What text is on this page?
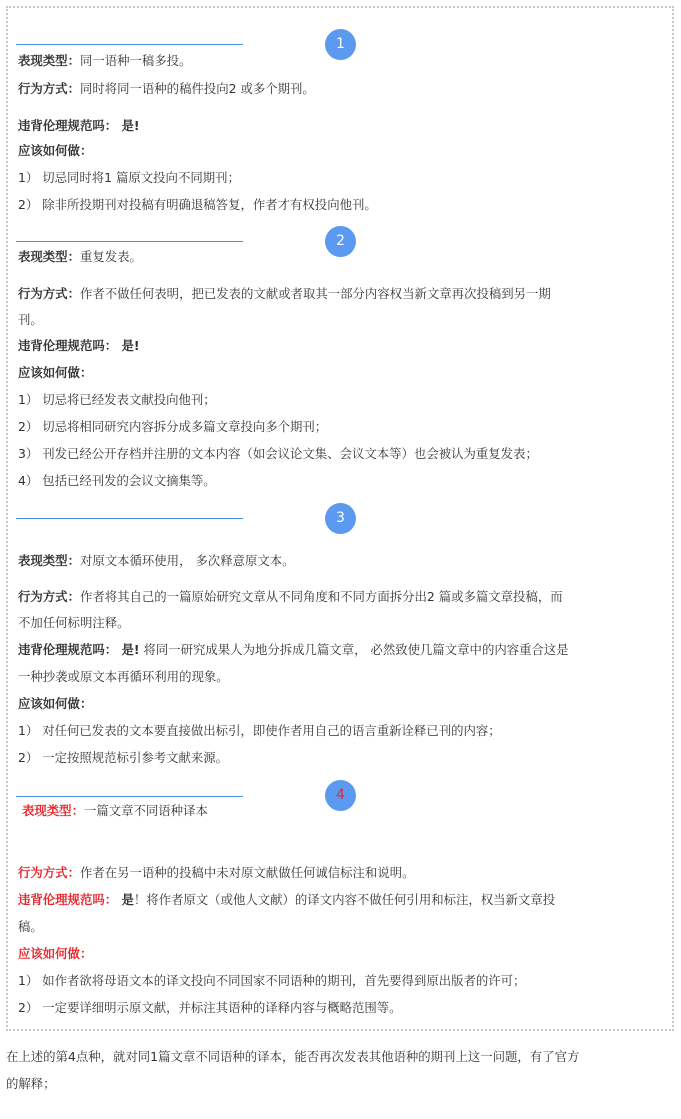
1
表现类型：同一语种一稿多投。
行为方式：同时将同一语种的稿件投向2 或多个期刊。
违背伦理规范吗： 是!
应该如何做：
1） 切忌同时将1 篇原文投向不同期刊；
2） 除非所投期刊对投稿有明确退稿答复，作者才有权投向他刊。
2
表现类型：重复发表。
行为方式：作者不做任何表明，把已发表的文献或者取其一部分内容权当新文章再次投稿到另一期
刊。
违背伦理规范吗： 是!
应该如何做：
1） 切忌将已经发表文献投向他刊；
2） 切忌将相同研究内容拆分成多篇文章投向多个期刊；
3） 刊发已经公开存档并注册的文本内容（如会议论文集、会议文本等）也会被认为重复发表；
4） 包括已经刊发的会议文摘集等。
3
表现类型：对原文本循环使用， 多次释意原文本。
行为方式：作者将其自己的一篇原始研究文章从不同角度和不同方面拆分出2 篇或多篇文章投稿，而
不加任何标明注释。
违背伦理规范吗： 是! 将同一研究成果人为地分拆成几篇文章， 必然致使几篇文章中的内容重合这是
一种抄袭或原文本再循环利用的现象。
应该如何做：
1） 对任何已发表的文本要直接做出标引，即使作者用自己的语言重新诠释已刊的内容；
2） 一定按照规范标引参考文献来源。
4
表现类型：一篇文章不同语种译本
行为方式：作者在另一语种的投稿中未对原文献做任何诚信标注和说明。
违背伦理规范吗： 是！将作者原文（或他人文献）的译文内容不做任何引用和标注，权当新文章投
稿。
应该如何做：
1） 如作者欲将母语文本的译文投向不同国家不同语种的期刊，首先要得到原出版者的许可；
2） 一定要详细明示原文献，并标注其语种的译释内容与概略范围等。
在上述的第4点种，就对同1篇文章不同语种的译本，能否再次发表其他语种的期刊上这一问题，有了官方
的解释；
